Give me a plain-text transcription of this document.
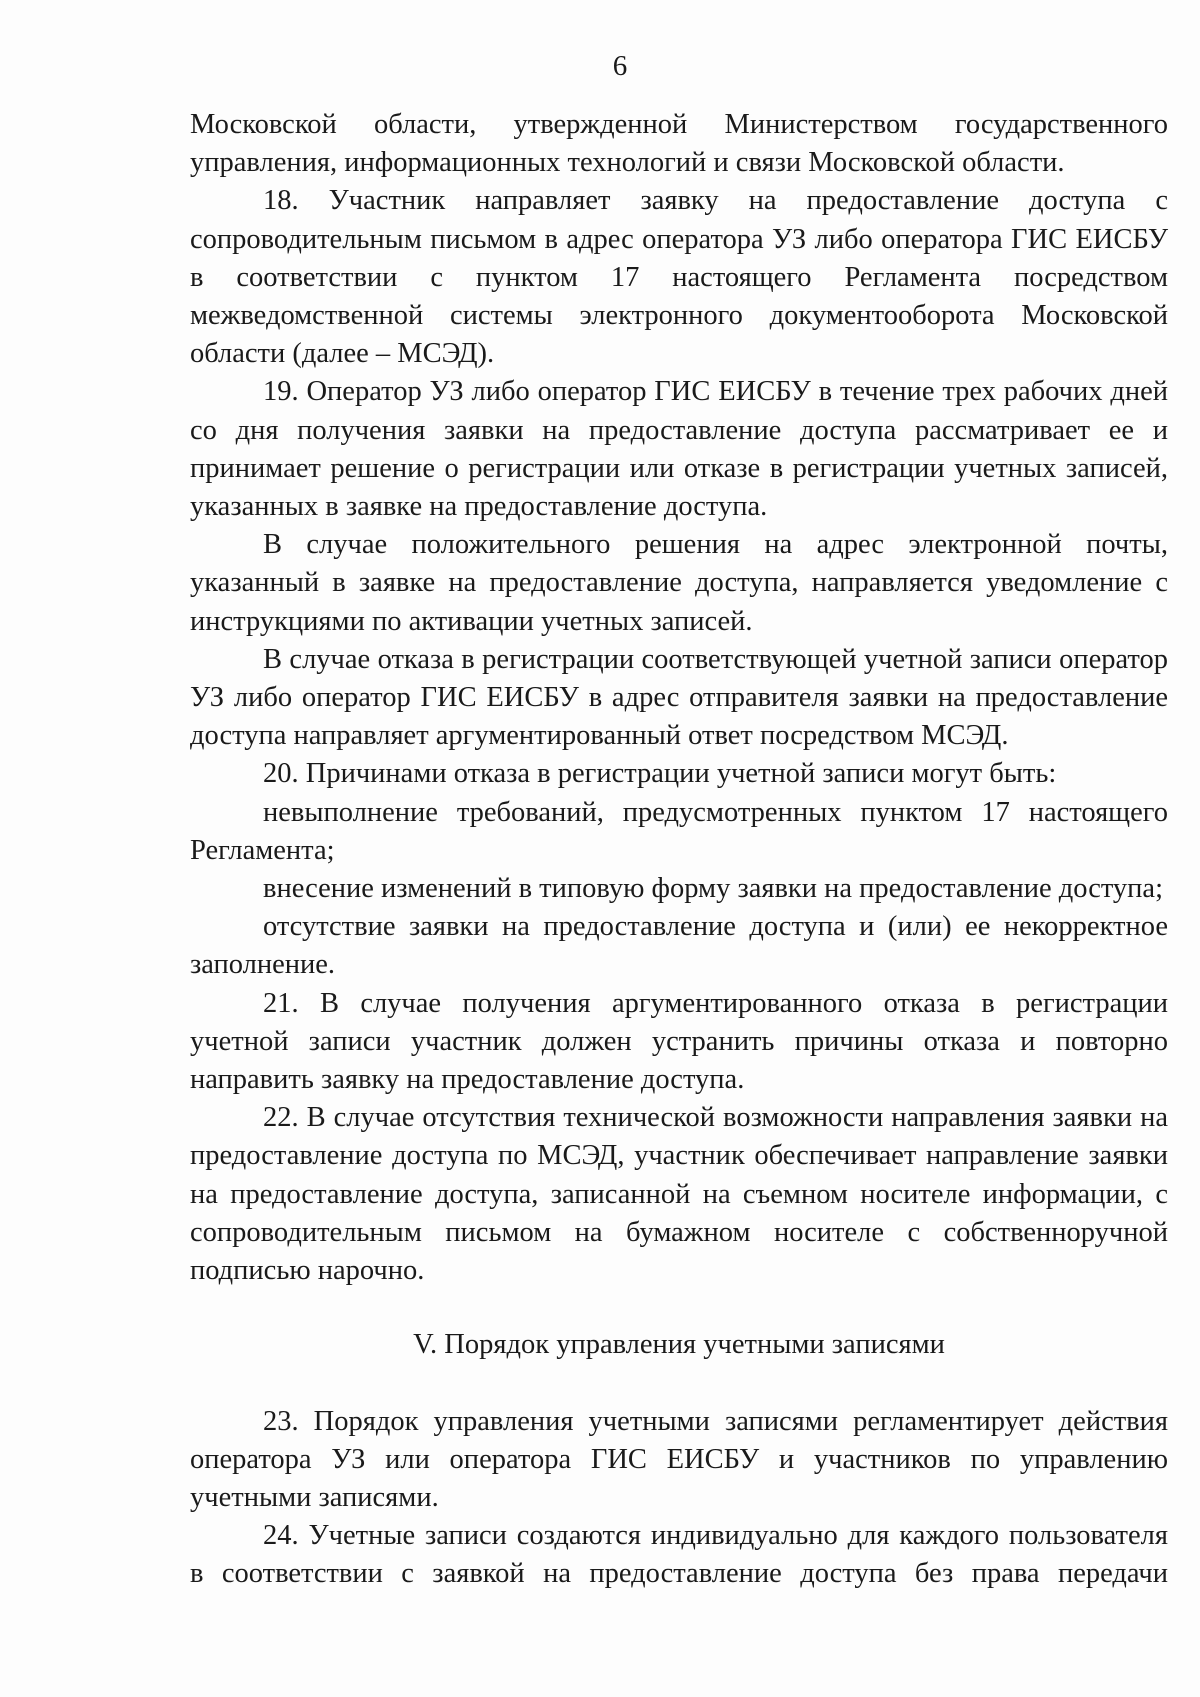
6

Московской области, утвержденной Министерством государственного управления, информационных технологий и связи Московской области.

18. Участник направляет заявку на предоставление доступа с сопроводительным письмом в адрес оператора УЗ либо оператора ГИС ЕИСБУ в соответствии с пунктом 17 настоящего Регламента посредством межведомственной системы электронного документооборота Московской области (далее – МСЭД).

19. Оператор УЗ либо оператор ГИС ЕИСБУ в течение трех рабочих дней со дня получения заявки на предоставление доступа рассматривает ее и принимает решение о регистрации или отказе в регистрации учетных записей, указанных в заявке на предоставление доступа.

В случае положительного решения на адрес электронной почты, указанный в заявке на предоставление доступа, направляется уведомление с инструкциями по активации учетных записей.

В случае отказа в регистрации соответствующей учетной записи оператор УЗ либо оператор ГИС ЕИСБУ в адрес отправителя заявки на предоставление доступа направляет аргументированный ответ посредством МСЭД.

20. Причинами отказа в регистрации учетной записи могут быть:

невыполнение требований, предусмотренных пунктом 17 настоящего Регламента;

внесение изменений в типовую форму заявки на предоставление доступа;

отсутствие заявки на предоставление доступа и (или) ее некорректное заполнение.

21. В случае получения аргументированного отказа в регистрации учетной записи участник должен устранить причины отказа и повторно направить заявку на предоставление доступа.

22. В случае отсутствия технической возможности направления заявки на предоставление доступа по МСЭД, участник обеспечивает направление заявки на предоставление доступа, записанной на съемном носителе информации, с сопроводительным письмом на бумажном носителе с собственноручной подписью нарочно.

V. Порядок управления учетными записями

23. Порядок управления учетными записями регламентирует действия оператора УЗ или оператора ГИС ЕИСБУ и участников по управлению учетными записями.

24. Учетные записи создаются индивидуально для каждого пользователя в соответствии с заявкой на предоставление доступа без права передачи
